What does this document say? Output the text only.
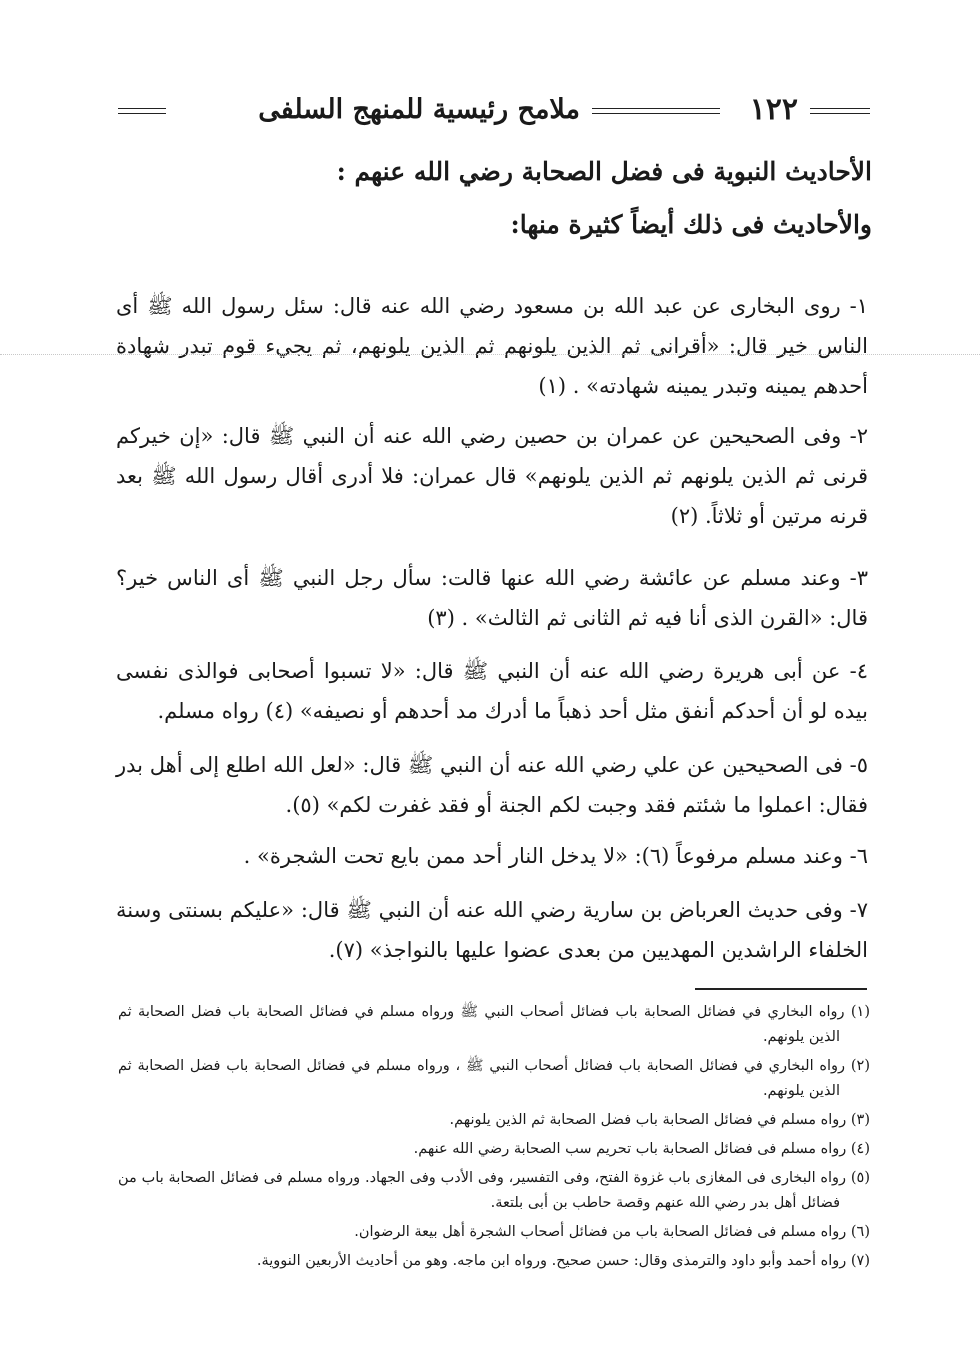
١٢٢
ملامح رئيسية للمنهج السلفى
الأحاديث النبوية فى فضل الصحابة رضي الله عنهم :
والأحاديث فى ذلك أيضاً كثيرة منها:

١- روى البخارى عن عبد الله بن مسعود رضي الله عنه قال: سئل رسول الله ﷺ أى الناس خير قال: «أقرانى ثم الذين يلونهم ثم الذين يلونهم، ثم يجيء قوم تبدر شهادة أحدهم يمينه وتبدر يمينه شهادته» . (١)

٢- وفى الصحيحين عن عمران بن حصين رضي الله عنه أن النبي ﷺ قال: «إن خيركم قرنى ثم الذين يلونهم ثم الذين يلونهم» قال عمران: فلا أدرى أقال رسول الله ﷺ بعد قرنه مرتين أو ثلاثاً. (٢)

٣- وعند مسلم عن عائشة رضي الله عنها قالت: سأل رجل النبي ﷺ أى الناس خير؟ قال: «القرن الذى أنا فيه ثم الثانى ثم الثالث» . (٣)

٤- عن أبى هريرة رضي الله عنه أن النبي ﷺ قال: «لا تسبوا أصحابى فوالذى نفسى بيده لو أن أحدكم أنفق مثل أحد ذهباً ما أدرك مد أحدهم أو نصيفه» (٤) رواه مسلم.

٥- فى الصحيحين عن علي رضي الله عنه أن النبي ﷺ قال: «لعل الله اطلع إلى أهل بدر فقال: اعملوا ما شئتم فقد وجبت لكم الجنة أو فقد غفرت لكم» (٥).

٦- وعند مسلم مرفوعاً (٦): «لا يدخل النار أحد ممن بايع تحت الشجرة» .

٧- وفى حديث العرباض بن سارية رضي الله عنه أن النبي ﷺ قال: «عليكم بسنتى وسنة الخلفاء الراشدين المهديين من بعدى عضوا عليها بالنواجذ» (٧).

(١) رواه البخاري في فضائل الصحابة باب فضائل أصحاب النبي ﷺ ورواه مسلم في فضائل الصحابة باب فضل الصحابة ثم الذين يلونهم.

(٢) رواه البخاري في فضائل الصحابة باب فضائل أصحاب النبي ﷺ ، ورواه مسلم في فضائل الصحابة باب فضل الصحابة ثم الذين يلونهم.

(٣) رواه مسلم في فضائل الصحابة باب فضل الصحابة ثم الذين يلونهم.

(٤) رواه مسلم فى فضائل الصحابة باب تحريم سب الصحابة رضي الله عنهم.

(٥) رواه البخارى فى المغازى باب غزوة الفتح، وفى التفسير، وفى الأدب وفى الجهاد. ورواه مسلم فى فضائل الصحابة باب من فضائل أهل بدر رضي الله عنهم وقصة حاطب بن أبى بلتعة.

(٦) رواه مسلم فى فضائل الصحابة باب من فضائل أصحاب الشجرة أهل بيعة الرضوان.

(٧) رواه أحمد وأبو داود والترمذى وقال: حسن صحيح. ورواه ابن ماجه. وهو من أحاديث الأربعين النووية.
